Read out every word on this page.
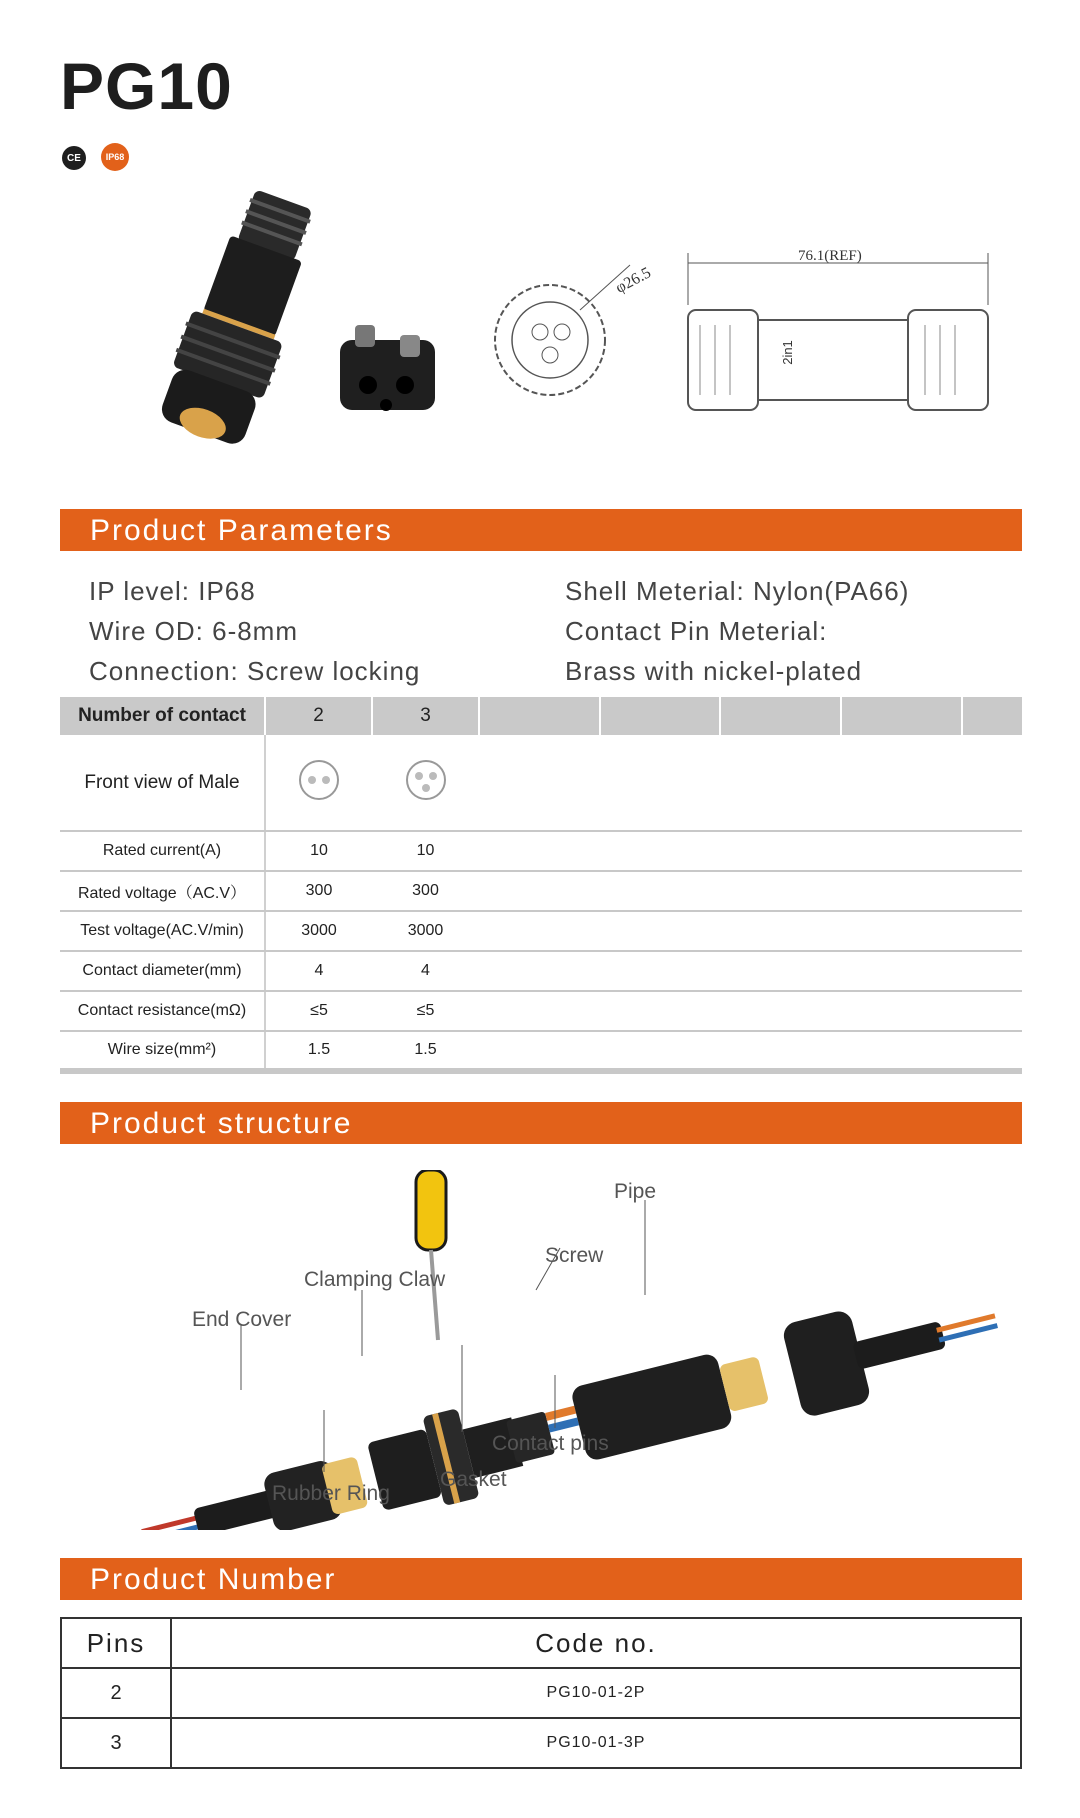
PG10
CE	IP68
φ26.5
76.1(REF)
2in1
Product Parameters
IP level: IP68
Wire OD: 6-8mm
Connection: Screw locking
Shell Meterial: Nylon(PA66)
Contact Pin Meterial:
Brass with nickel-plated
Number of contact	2	3					
Front view of Male			
Rated current(A)	10	10					
Rated voltage（AC.V）	300	300					
Test voltage(AC.V/min)	3000	3000					
Contact diameter(mm)	4	4					
Contact resistance(mΩ)	≤5	≤5					
Wire size(mm²)	1.5	1.5					
Product structure
Pipe
Screw
Clamping Claw
End Cover
Contact pins
Gasket
Rubber Ring
Product Number
Pins	Code no.
2	PG10-01-2P
3	PG10-01-3P
